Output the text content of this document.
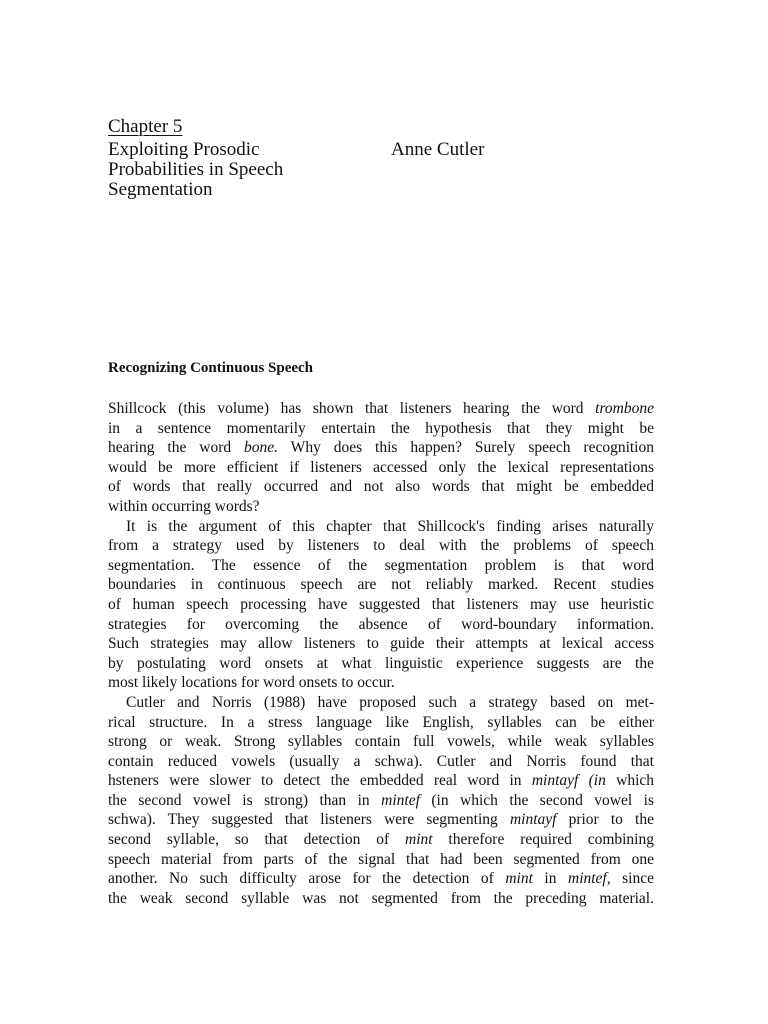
Chapter 5
Exploiting Prosodic
Probabilities in Speech
Segmentation
Anne Cutler
Recognizing Continuous Speech
Shillcock (this volume) has shown that listeners hearing the word trombone
in a sentence momentarily entertain the hypothesis that they might be
hearing the word bone. Why does this happen? Surely speech recognition
would be more efficient if listeners accessed only the lexical representations
of words that really occurred and not also words that might be embedded
within occurring words?
It is the argument of this chapter that Shillcock's finding arises naturally
from a strategy used by listeners to deal with the problems of speech
segmentation. The essence of the segmentation problem is that word
boundaries in continuous speech are not reliably marked. Recent studies
of human speech processing have suggested that listeners may use heuristic
strategies for overcoming the absence of word-boundary information.
Such strategies may allow listeners to guide their attempts at lexical access
by postulating word onsets at what linguistic experience suggests are the
most likely locations for word onsets to occur.
Cutler and Norris (1988) have proposed such a strategy based on met-
rical structure. In a stress language like English, syllables can be either
strong or weak. Strong syllables contain full vowels, while weak syllables
contain reduced vowels (usually a schwa). Cutler and Norris found that
hsteners were slower to detect the embedded real word in mintayf (in which
the second vowel is strong) than in mintef (in which the second vowel is
schwa). They suggested that listeners were segmenting mintayf prior to the
second syllable, so that detection of mint therefore required combining
speech material from parts of the signal that had been segmented from one
another. No such difficulty arose for the detection of mint in mintef, since
the weak second syllable was not segmented from the preceding material.
